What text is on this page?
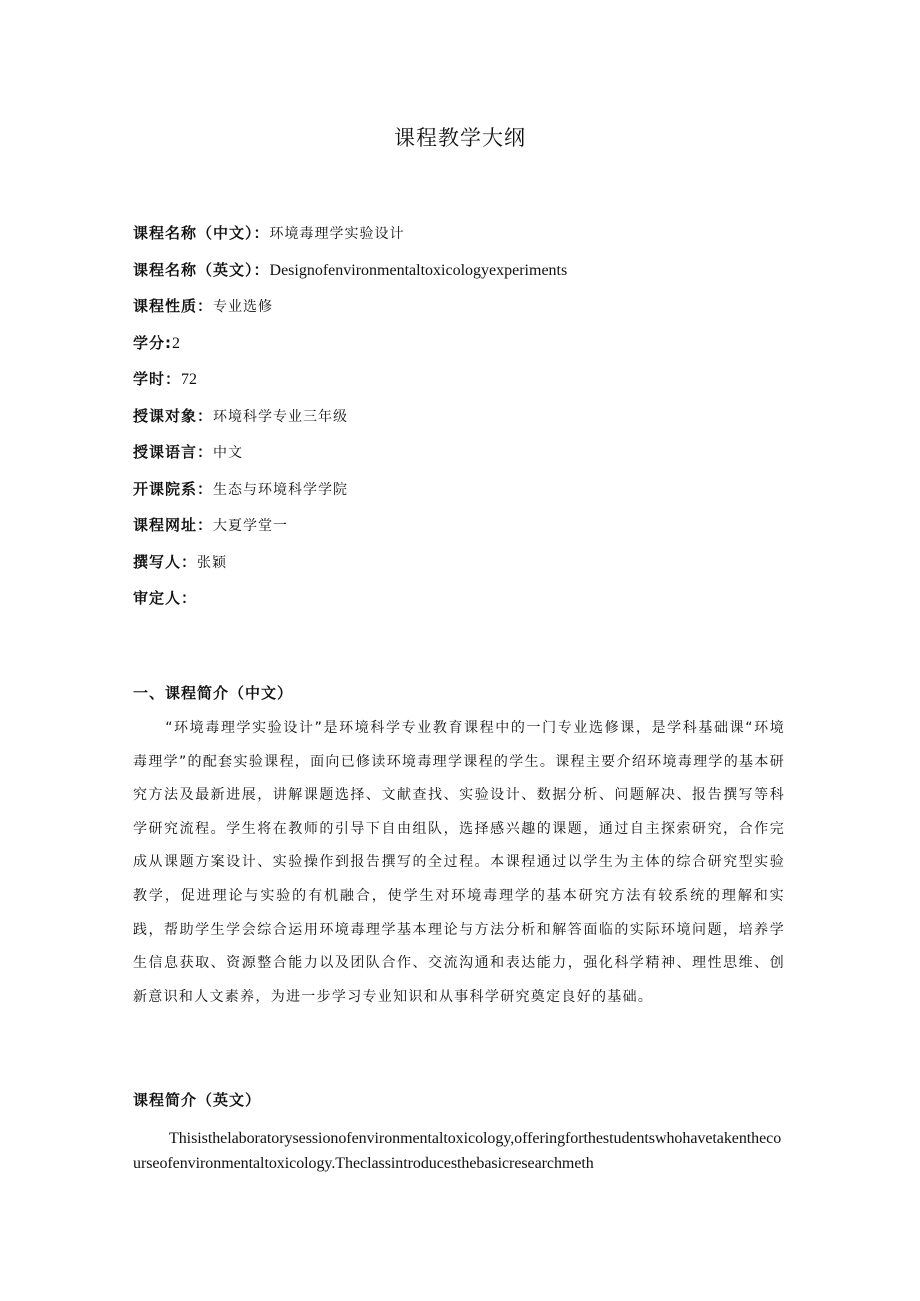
课程教学大纲
课程名称（中文）：环境毒理学实验设计
课程名称（英文）：Designofenvironmentaltoxicologyexperiments
课程性质：专业选修
学分:2
学时：72
授课对象：环境科学专业三年级
授课语言：中文
开课院系：生态与环境科学学院
课程网址：大夏学堂一
撰写人：张颖
审定人：
一、课程简介（中文）

“环境毒理学实验设计”是环境科学专业教育课程中的一门专业选修课，是学科基础课“环境毒理学”的配套实验课程，面向已修读环境毒理学课程的学生。课程主要介绍环境毒理学的基本研究方法及最新进展，讲解课题选择、文献查找、实验设计、数据分析、问题解决、报告撰写等科学研究流程。学生将在教师的引导下自由组队，选择感兴趣的课题，通过自主探索研究，合作完成从课题方案设计、实验操作到报告撰写的全过程。本课程通过以学生为主体的综合研究型实验教学，促进理论与实验的有机融合，使学生对环境毒理学的基本研究方法有较系统的理解和实践，帮助学生学会综合运用环境毒理学基本理论与方法分析和解答面临的实际环境问题，培养学生信息获取、资源整合能力以及团队合作、交流沟通和表达能力，强化科学精神、理性思维、创新意识和人文素养，为进一步学习专业知识和从事科学研究奠定良好的基础。

课程简介（英文）

Thisisthelaboratorysessionofenvironmentaltoxicology,offeringforthestudentswhohavetakenthecourseofenvironmentaltoxicology.Theclassintroducesthebasicresearchmeth
